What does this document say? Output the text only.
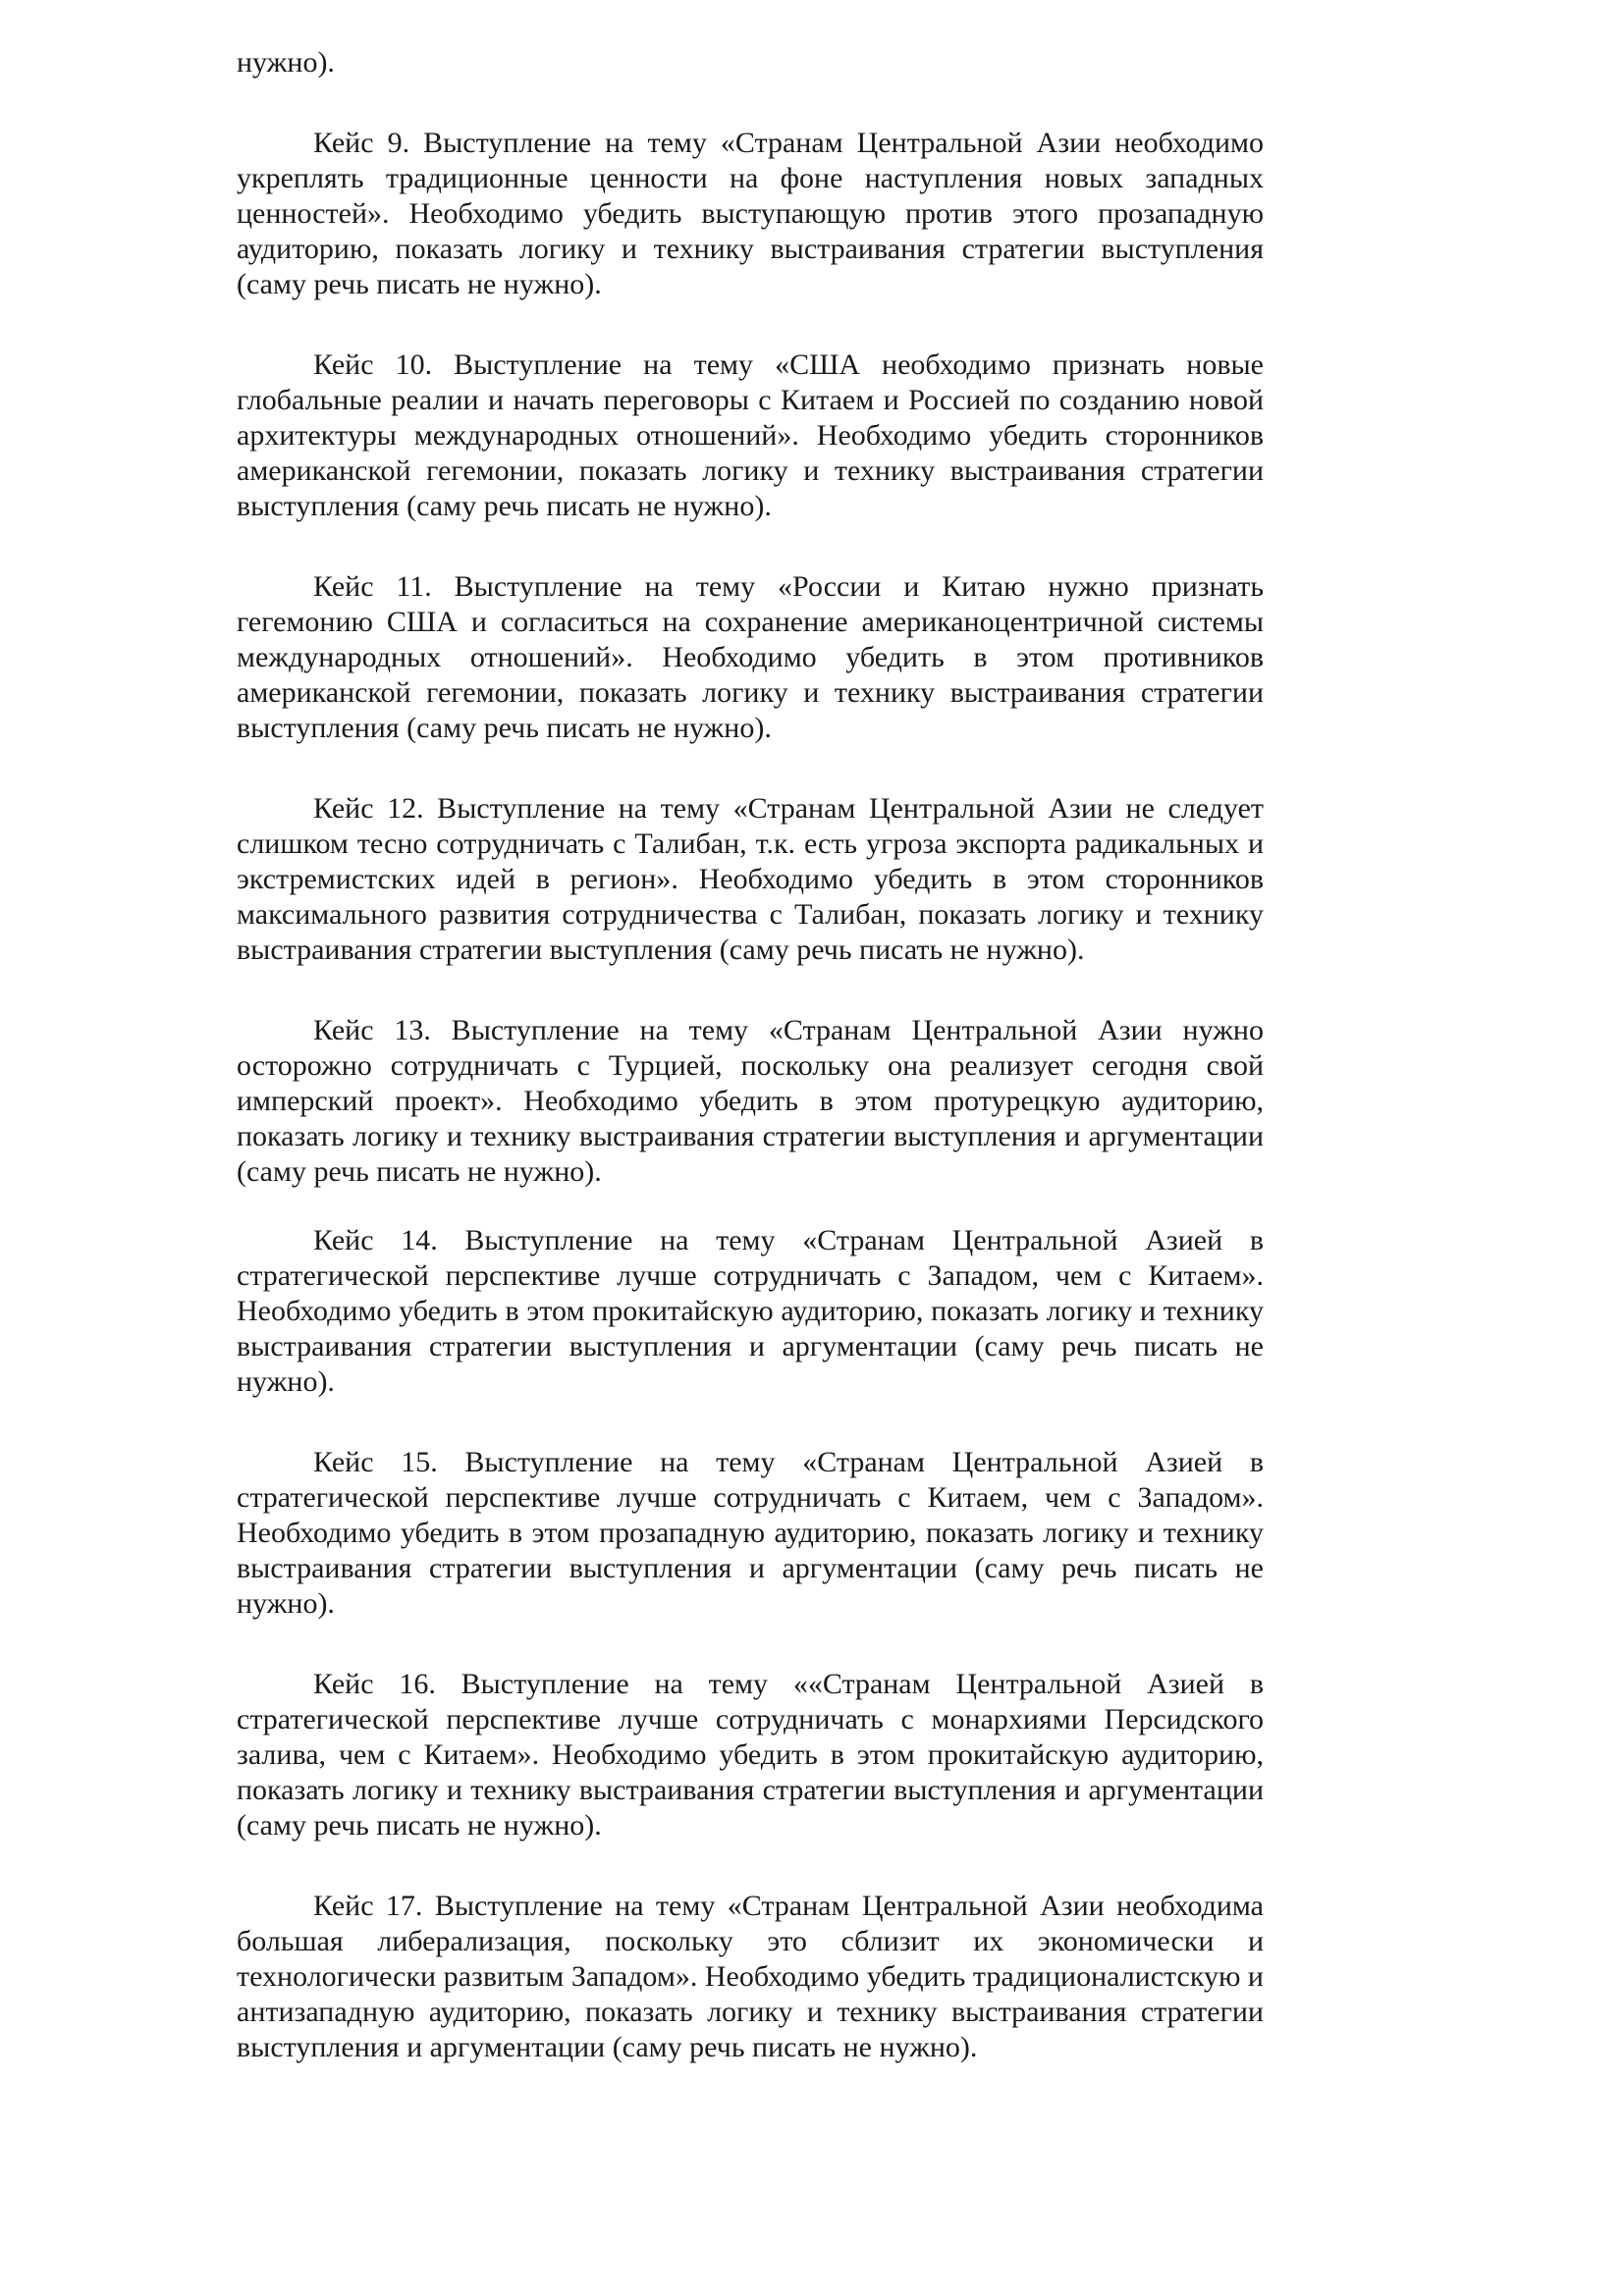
нужно).

Кейс 9. Выступление на тему «Странам Центральной Азии необходимо укреплять традиционные ценности на фоне наступления новых западных ценностей». Необходимо убедить выступающую против этого прозападную аудиторию, показать логику и технику выстраивания стратегии выступления (саму речь писать не нужно).

Кейс 10. Выступление на тему «США необходимо признать новые глобальные реалии и начать переговоры с Китаем и Россией по созданию новой архитектуры международных отношений». Необходимо убедить сторонников американской гегемонии, показать логику и технику выстраивания стратегии выступления (саму речь писать не нужно).

Кейс 11. Выступление на тему «России и Китаю нужно признать гегемонию США и согласиться на сохранение американоцентричной системы международных отношений». Необходимо убедить в этом противников американской гегемонии, показать логику и технику выстраивания стратегии выступления (саму речь писать не нужно).

Кейс 12. Выступление на тему «Странам Центральной Азии не следует слишком тесно сотрудничать с Талибан, т.к. есть угроза экспорта радикальных и экстремистских идей в регион». Необходимо убедить в этом сторонников максимального развития сотрудничества с Талибан, показать логику и технику выстраивания стратегии выступления (саму речь писать не нужно).

Кейс 13. Выступление на тему «Странам Центральной Азии нужно осторожно сотрудничать с Турцией, поскольку она реализует сегодня свой имперский проект». Необходимо убедить в этом протурецкую аудиторию, показать логику и технику выстраивания стратегии выступления и аргументации (саму речь писать не нужно).

Кейс 14. Выступление на тему «Странам Центральной Азией в стратегической перспективе лучше сотрудничать с Западом, чем с Китаем». Необходимо убедить в этом прокитайскую аудиторию, показать логику и технику выстраивания стратегии выступления и аргументации (саму речь писать не нужно).

Кейс 15. Выступление на тему «Странам Центральной Азией в стратегической перспективе лучше сотрудничать с Китаем, чем с Западом». Необходимо убедить в этом прозападную аудиторию, показать логику и технику выстраивания стратегии выступления и аргументации (саму речь писать не нужно).

Кейс 16. Выступление на тему ««Странам Центральной Азией в стратегической перспективе лучше сотрудничать с монархиями Персидского залива, чем с Китаем». Необходимо убедить в этом прокитайскую аудиторию, показать логику и технику выстраивания стратегии выступления и аргументации (саму речь писать не нужно).

Кейс 17. Выступление на тему «Странам Центральной Азии необходима большая либерализация, поскольку это сблизит их экономически и технологически развитым Западом». Необходимо убедить традиционалистскую и антизападную аудиторию, показать логику и технику выстраивания стратегии выступления и аргументации (саму речь писать не нужно).
